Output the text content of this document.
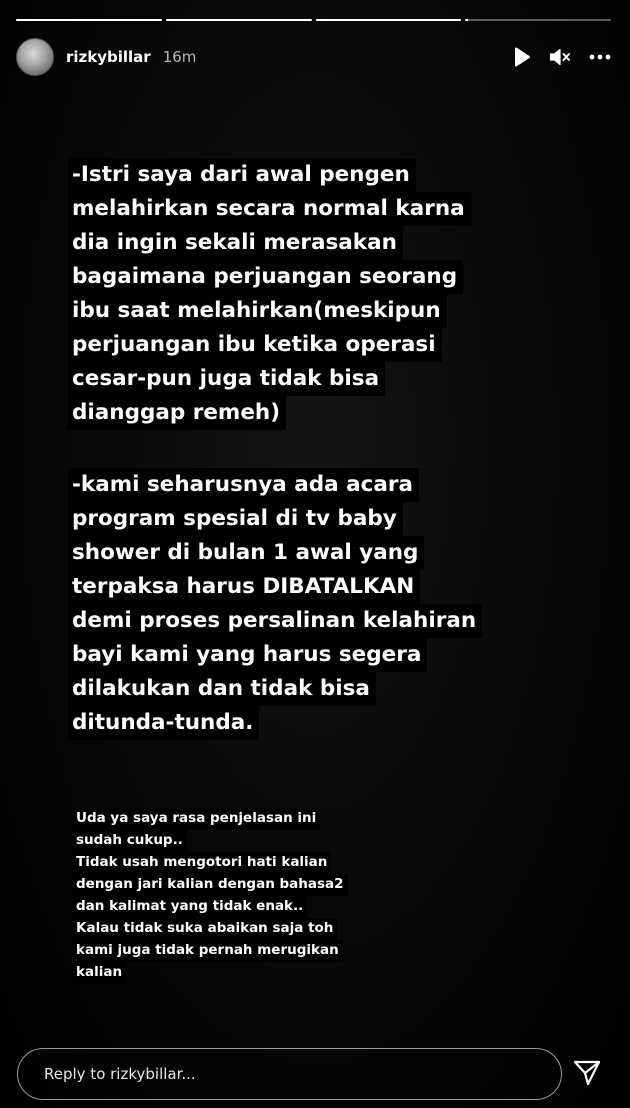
rizkybillar 16m
-Istri saya dari awal pengen
melahirkan secara normal karna
dia ingin sekali merasakan
bagaimana perjuangan seorang
ibu saat melahirkan(meskipun
perjuangan ibu ketika operasi
cesar-pun juga tidak bisa
dianggap remeh)
-kami seharusnya ada acara
program spesial di tv baby
shower di bulan 1 awal yang
terpaksa harus DIBATALKAN
demi proses persalinan kelahiran
bayi kami yang harus segera
dilakukan dan tidak bisa
ditunda-tunda.
Uda ya saya rasa penjelasan ini
sudah cukup..
Tidak usah mengotori hati kalian
dengan jari kalian dengan bahasa2
dan kalimat yang tidak enak..
Kalau tidak suka abaikan saja toh
kami juga tidak pernah merugikan
kalian
Reply to rizkybillar...
